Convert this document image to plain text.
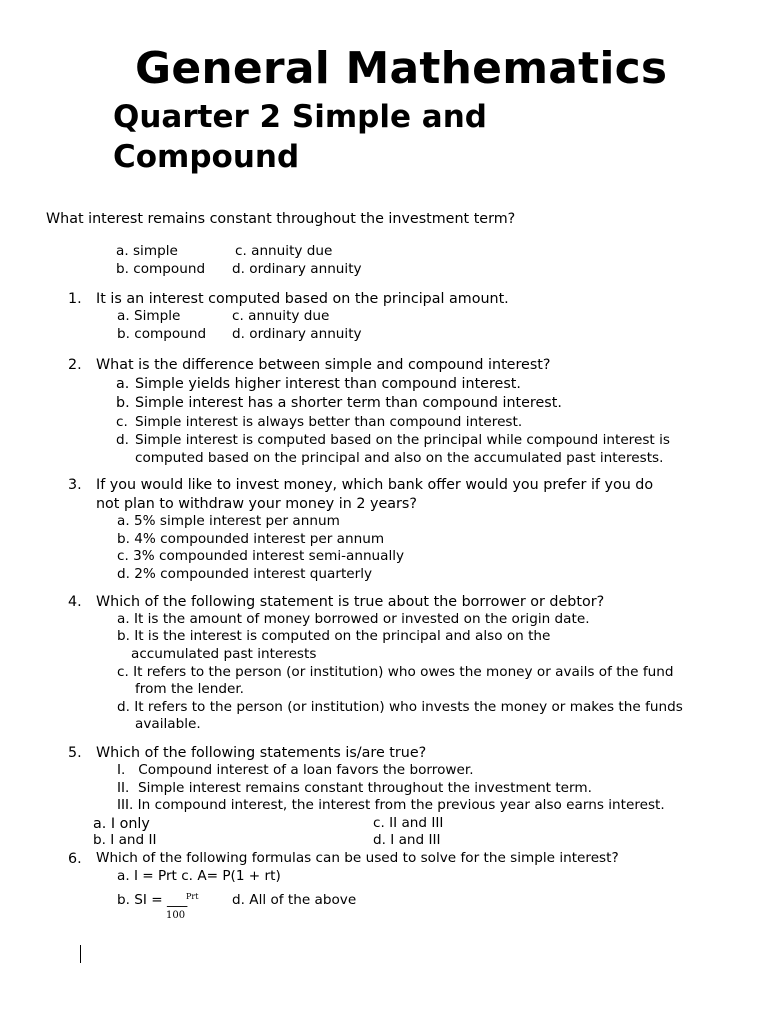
General Mathematics
Quarter 2 Simple and
Compound
What interest remains constant throughout the investment term?
a. simple	c. annuity due
b. compound d. ordinary annuity
1. It is an interest computed based on the principal amount.
a. Simple	c. annuity due
b. compound d. ordinary annuity
2. What is the difference between simple and compound interest?
a. Simple yields higher interest than compound interest.
b. Simple interest has a shorter term than compound interest.
c. Simple interest is always better than compound interest.
d. Simple interest is computed based on the principal while compound interest is
computed based on the principal and also on the accumulated past interests.
3. If you would like to invest money, which bank offer would you prefer if you do
not plan to withdraw your money in 2 years?
a. 5% simple interest per annum
b. 4% compounded interest per annum
c. 3% compounded interest semi-annually
d. 2% compounded interest quarterly
4. Which of the following statement is true about the borrower or debtor?
a. It is the amount of money borrowed or invested on the origin date.
b. It is the interest is computed on the principal and also on the
accumulated past interests
c. It refers to the person (or institution) who owes the money or avails of the fund
from the lender.
d. It refers to the person (or institution) who invests the money or makes the funds
available.
5. Which of the following statements is/are true?
I.   Compound interest of a loan favors the borrower.
II.  Simple interest remains constant throughout the investment term.
III. In compound interest, the interest from the previous year also earns interest.
a. I only	c. II and III
b. I and II	d. I and III
6. Which of the following formulas can be used to solve for the simple interest?
a. I = Prt c. A= P(1 + rt)
b. SI = ___
Prt
100
d. All of the above
